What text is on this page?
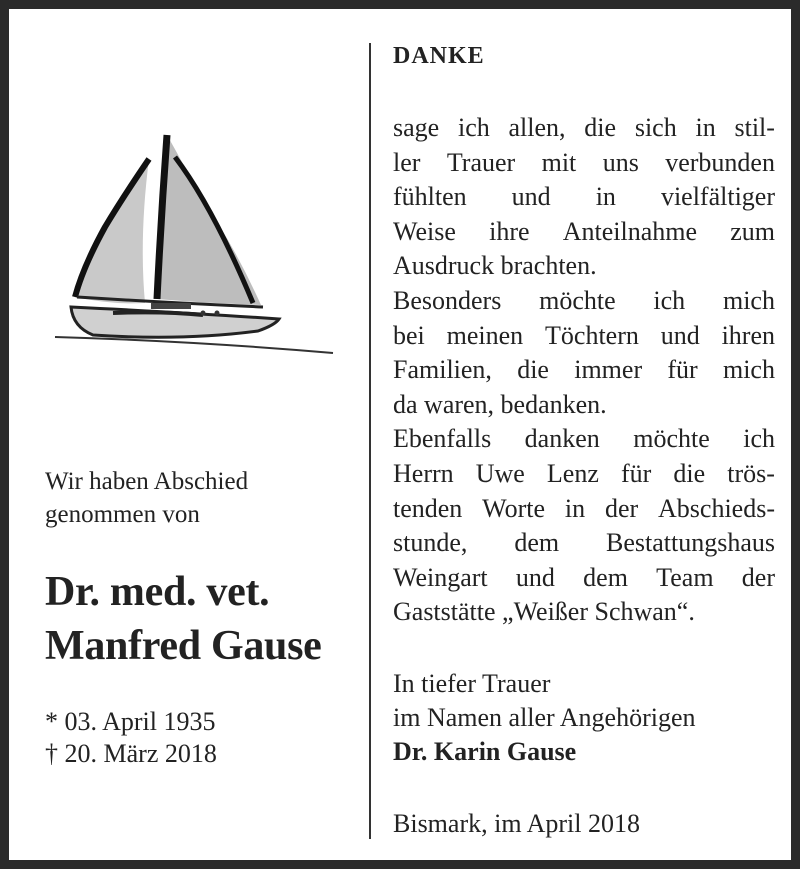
Wir haben Abschied
genommen von

Dr. med. vet.
Manfred Gause

* 03. April 1935
† 20. März 2018

DANKE

sage ich allen, die sich in stil-
ler Trauer mit uns verbunden
fühlten und in vielfältiger
Weise ihre Anteilnahme zum
Ausdruck brachten.
Besonders möchte ich mich
bei meinen Töchtern und ihren
Familien, die immer für mich
da waren, bedanken.
Ebenfalls danken möchte ich
Herrn Uwe Lenz für die trös-
tenden Worte in der Abschieds-
stunde, dem Bestattungshaus
Weingart und dem Team der
Gaststätte „Weißer Schwan“.

In tiefer Trauer
im Namen aller Angehörigen
Dr. Karin Gause

Bismark, im April 2018
